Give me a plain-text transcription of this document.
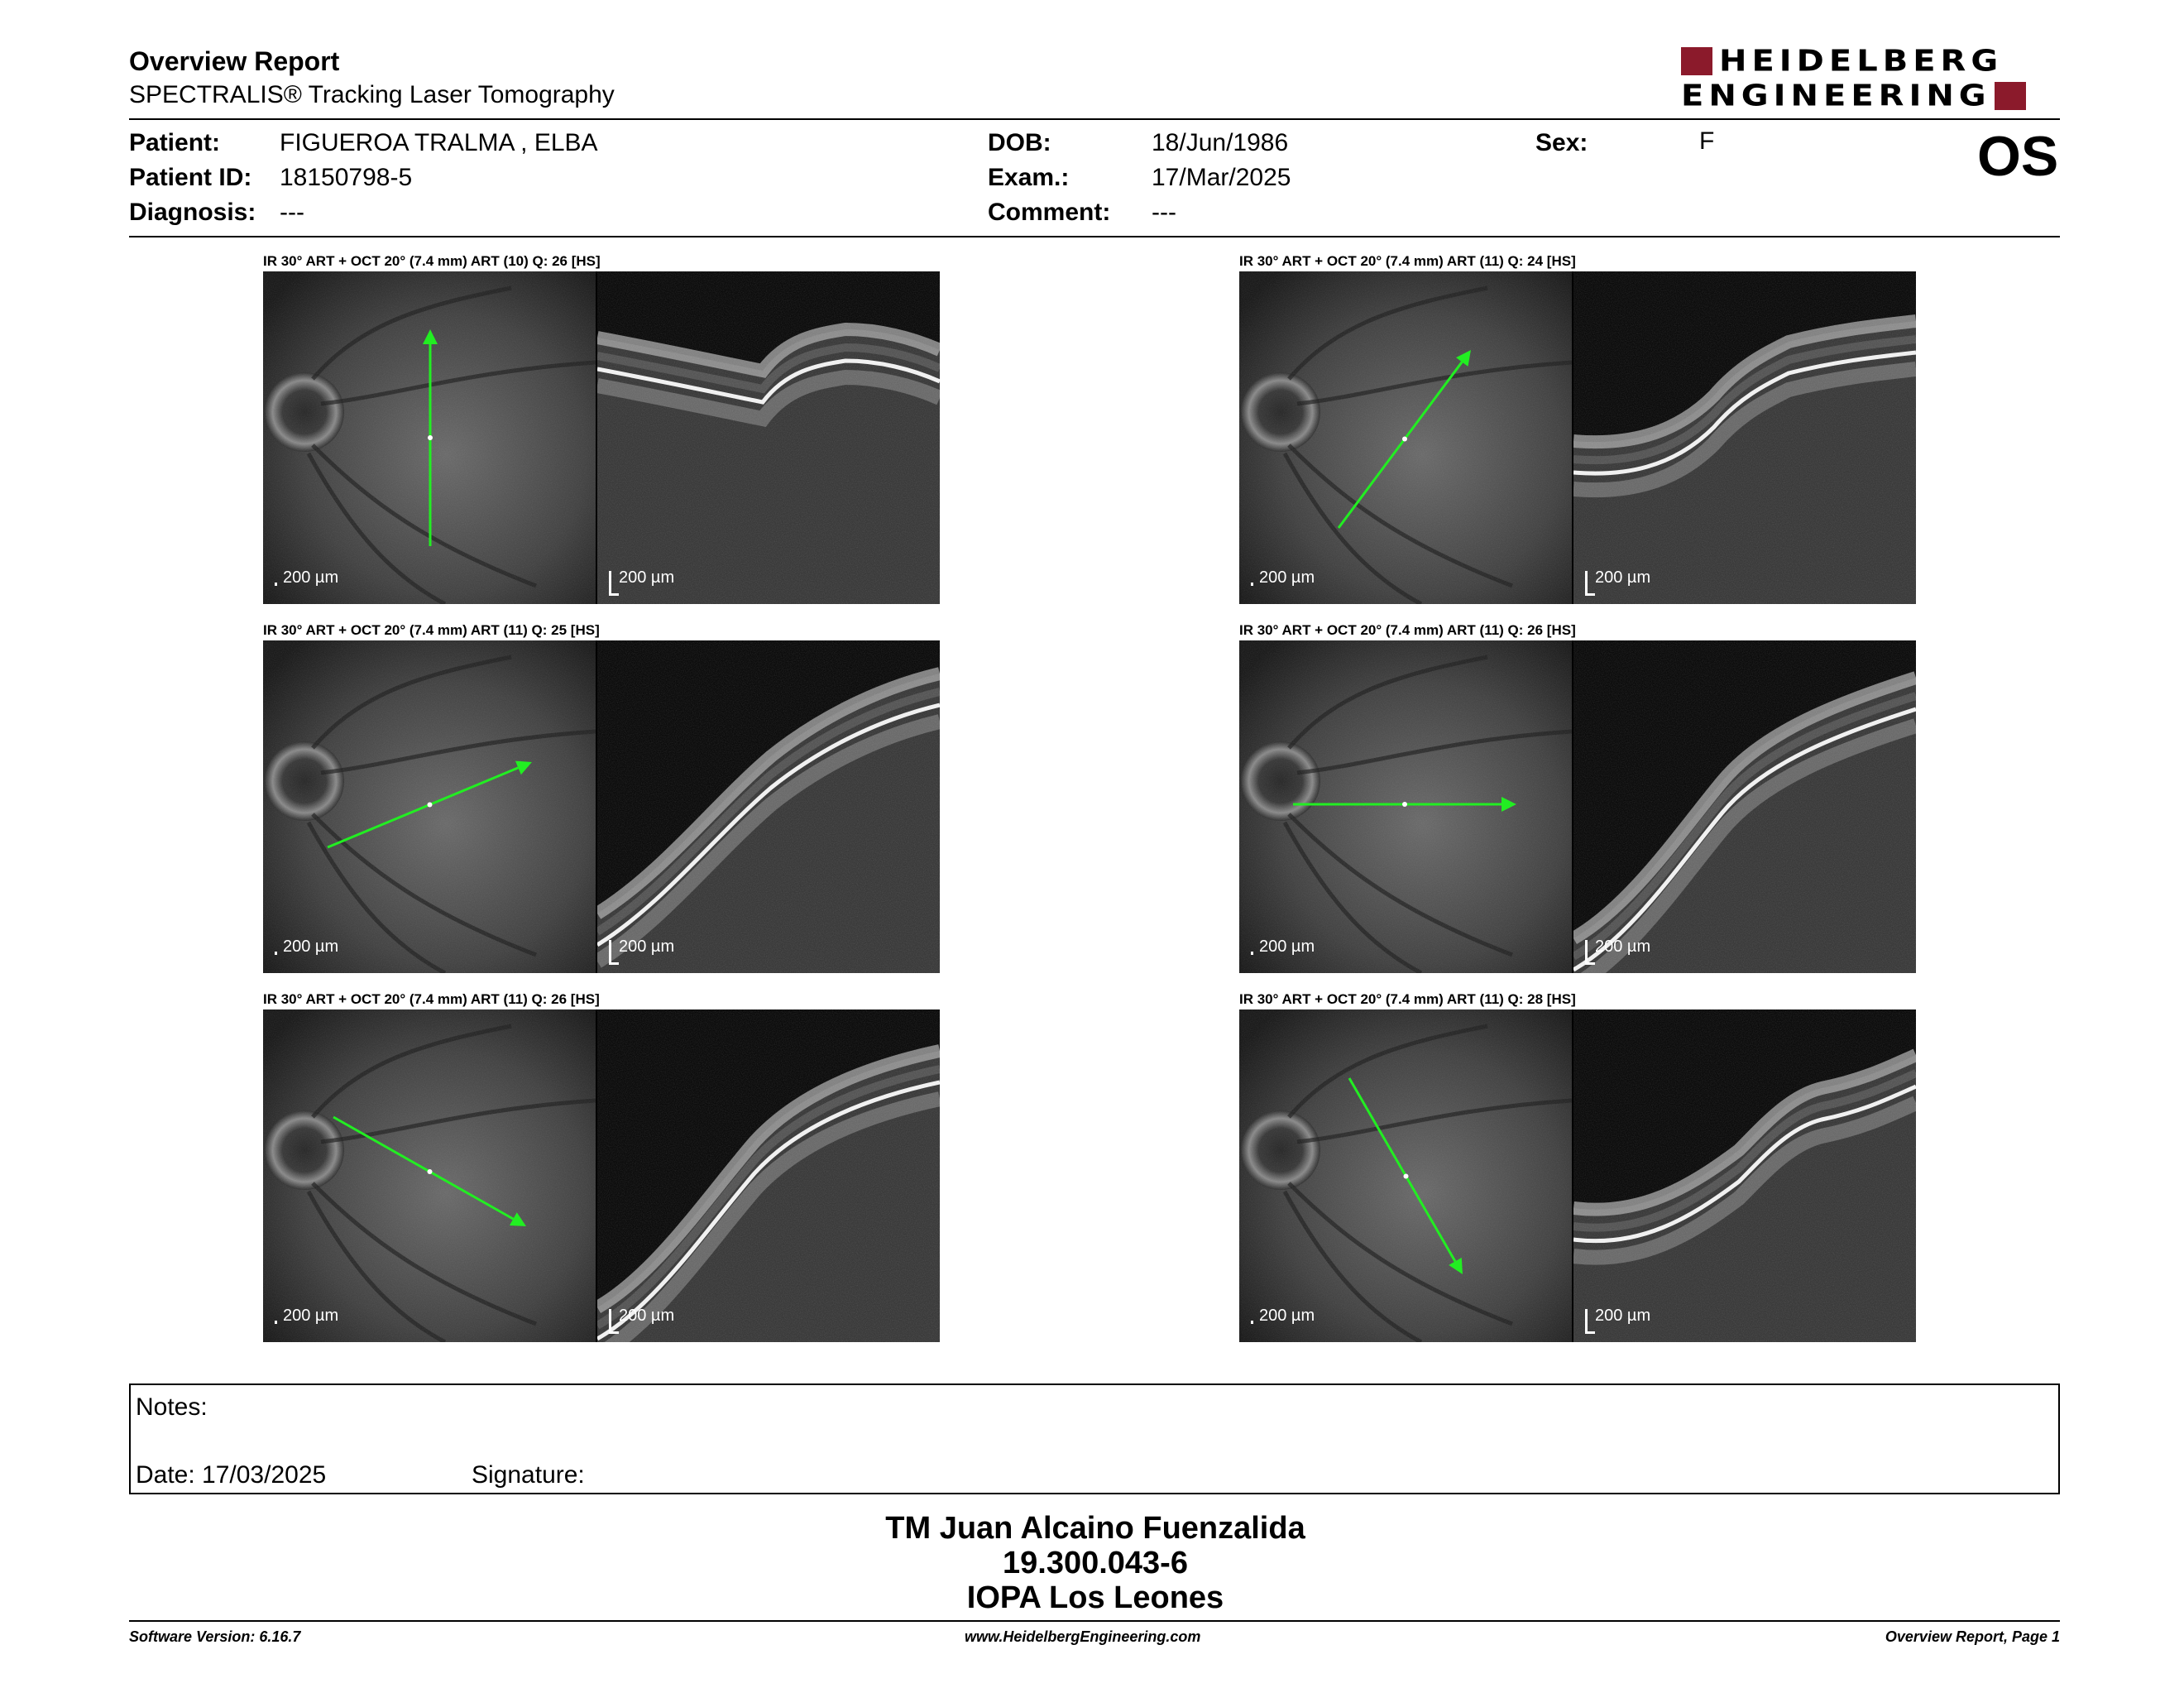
Overview Report
SPECTRALIS® Tracking Laser Tomography
HEIDELBERG
ENGINEERING
Patient: FIGUEROA TRALMA , ELBA
Patient ID: 18150798-5
Diagnosis: ---
DOB:	18/Jun/1986
Exam.:	17/Mar/2025
Comment: ---
Sex:	F	OS
IR 30° ART + OCT 20° (7.4 mm) ART (10) Q: 26 [HS]
200 µm	200 µm
IR 30° ART + OCT 20° (7.4 mm) ART (11) Q: 24 [HS]
200 µm	200 µm
IR 30° ART + OCT 20° (7.4 mm) ART (11) Q: 25 [HS]
200 µm	200 µm
IR 30° ART + OCT 20° (7.4 mm) ART (11) Q: 26 [HS]
200 µm	200 µm
IR 30° ART + OCT 20° (7.4 mm) ART (11) Q: 26 [HS]
200 µm	200 µm
IR 30° ART + OCT 20° (7.4 mm) ART (11) Q: 28 [HS]
200 µm	200 µm
Notes:
Date: 17/03/2025	Signature:
TM Juan Alcaino Fuenzalida
19.300.043-6
IOPA Los Leones
Software Version: 6.16.7	www.HeidelbergEngineering.com	Overview Report, Page 1
